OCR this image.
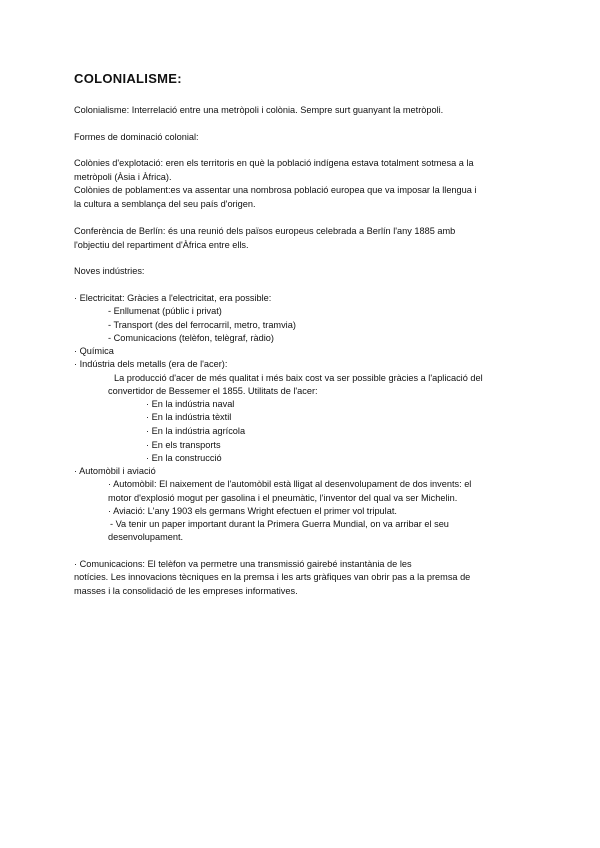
COLONIALISME:
Colonialisme: Interrelació entre una metròpoli i colònia. Sempre surt guanyant la metròpoli.
Formes de dominació colonial:
Colònies d'explotació: eren els territoris en què la població indígena estava totalment sotmesa a la
metròpoli (Àsia i Àfrica).
Colònies de poblament:es va assentar una nombrosa població europea que va imposar la llengua i
la cultura a semblança del seu país d'origen.
Conferència de Berlín: és una reunió dels països europeus celebrada a Berlín l'any 1885 amb
l'objectiu del repartiment d'Àfrica entre ells.
Noves indústries:
· Electricitat: Gràcies a l'electricitat, era possible:
- Enllumenat (públic i privat)
- Transport (des del ferrocarril, metro, tramvia)
- Comunicacions (telèfon, telègraf, ràdio)
· Química
· Indústria dels metalls (era de l'acer):
La producció d'acer de més qualitat i més baix cost va ser possible gràcies a l'aplicació del
convertidor de Bessemer el 1855. Utilitats de l'acer:
· En la indústria naval
· En la indústria tèxtil
· En la indústria agrícola
· En els transports
· En la construcció
· Automòbil i aviació
· Automòbil: El naixement de l'automòbil està lligat al desenvolupament de dos invents: el
motor d'explosió mogut per gasolina i el pneumàtic, l'inventor del qual va ser Michelin.
· Aviació: L'any 1903 els germans Wright efectuen el primer vol tripulat.
- Va tenir un paper important durant la Primera Guerra Mundial, on va arribar el seu
desenvolupament.
· Comunicacions: El telèfon va permetre una transmissió gairebé instantània de les
notícies. Les innovacions tècniques en la premsa i les arts gràfiques van obrir pas a la premsa de
masses i la consolidació de les empreses informatives.
